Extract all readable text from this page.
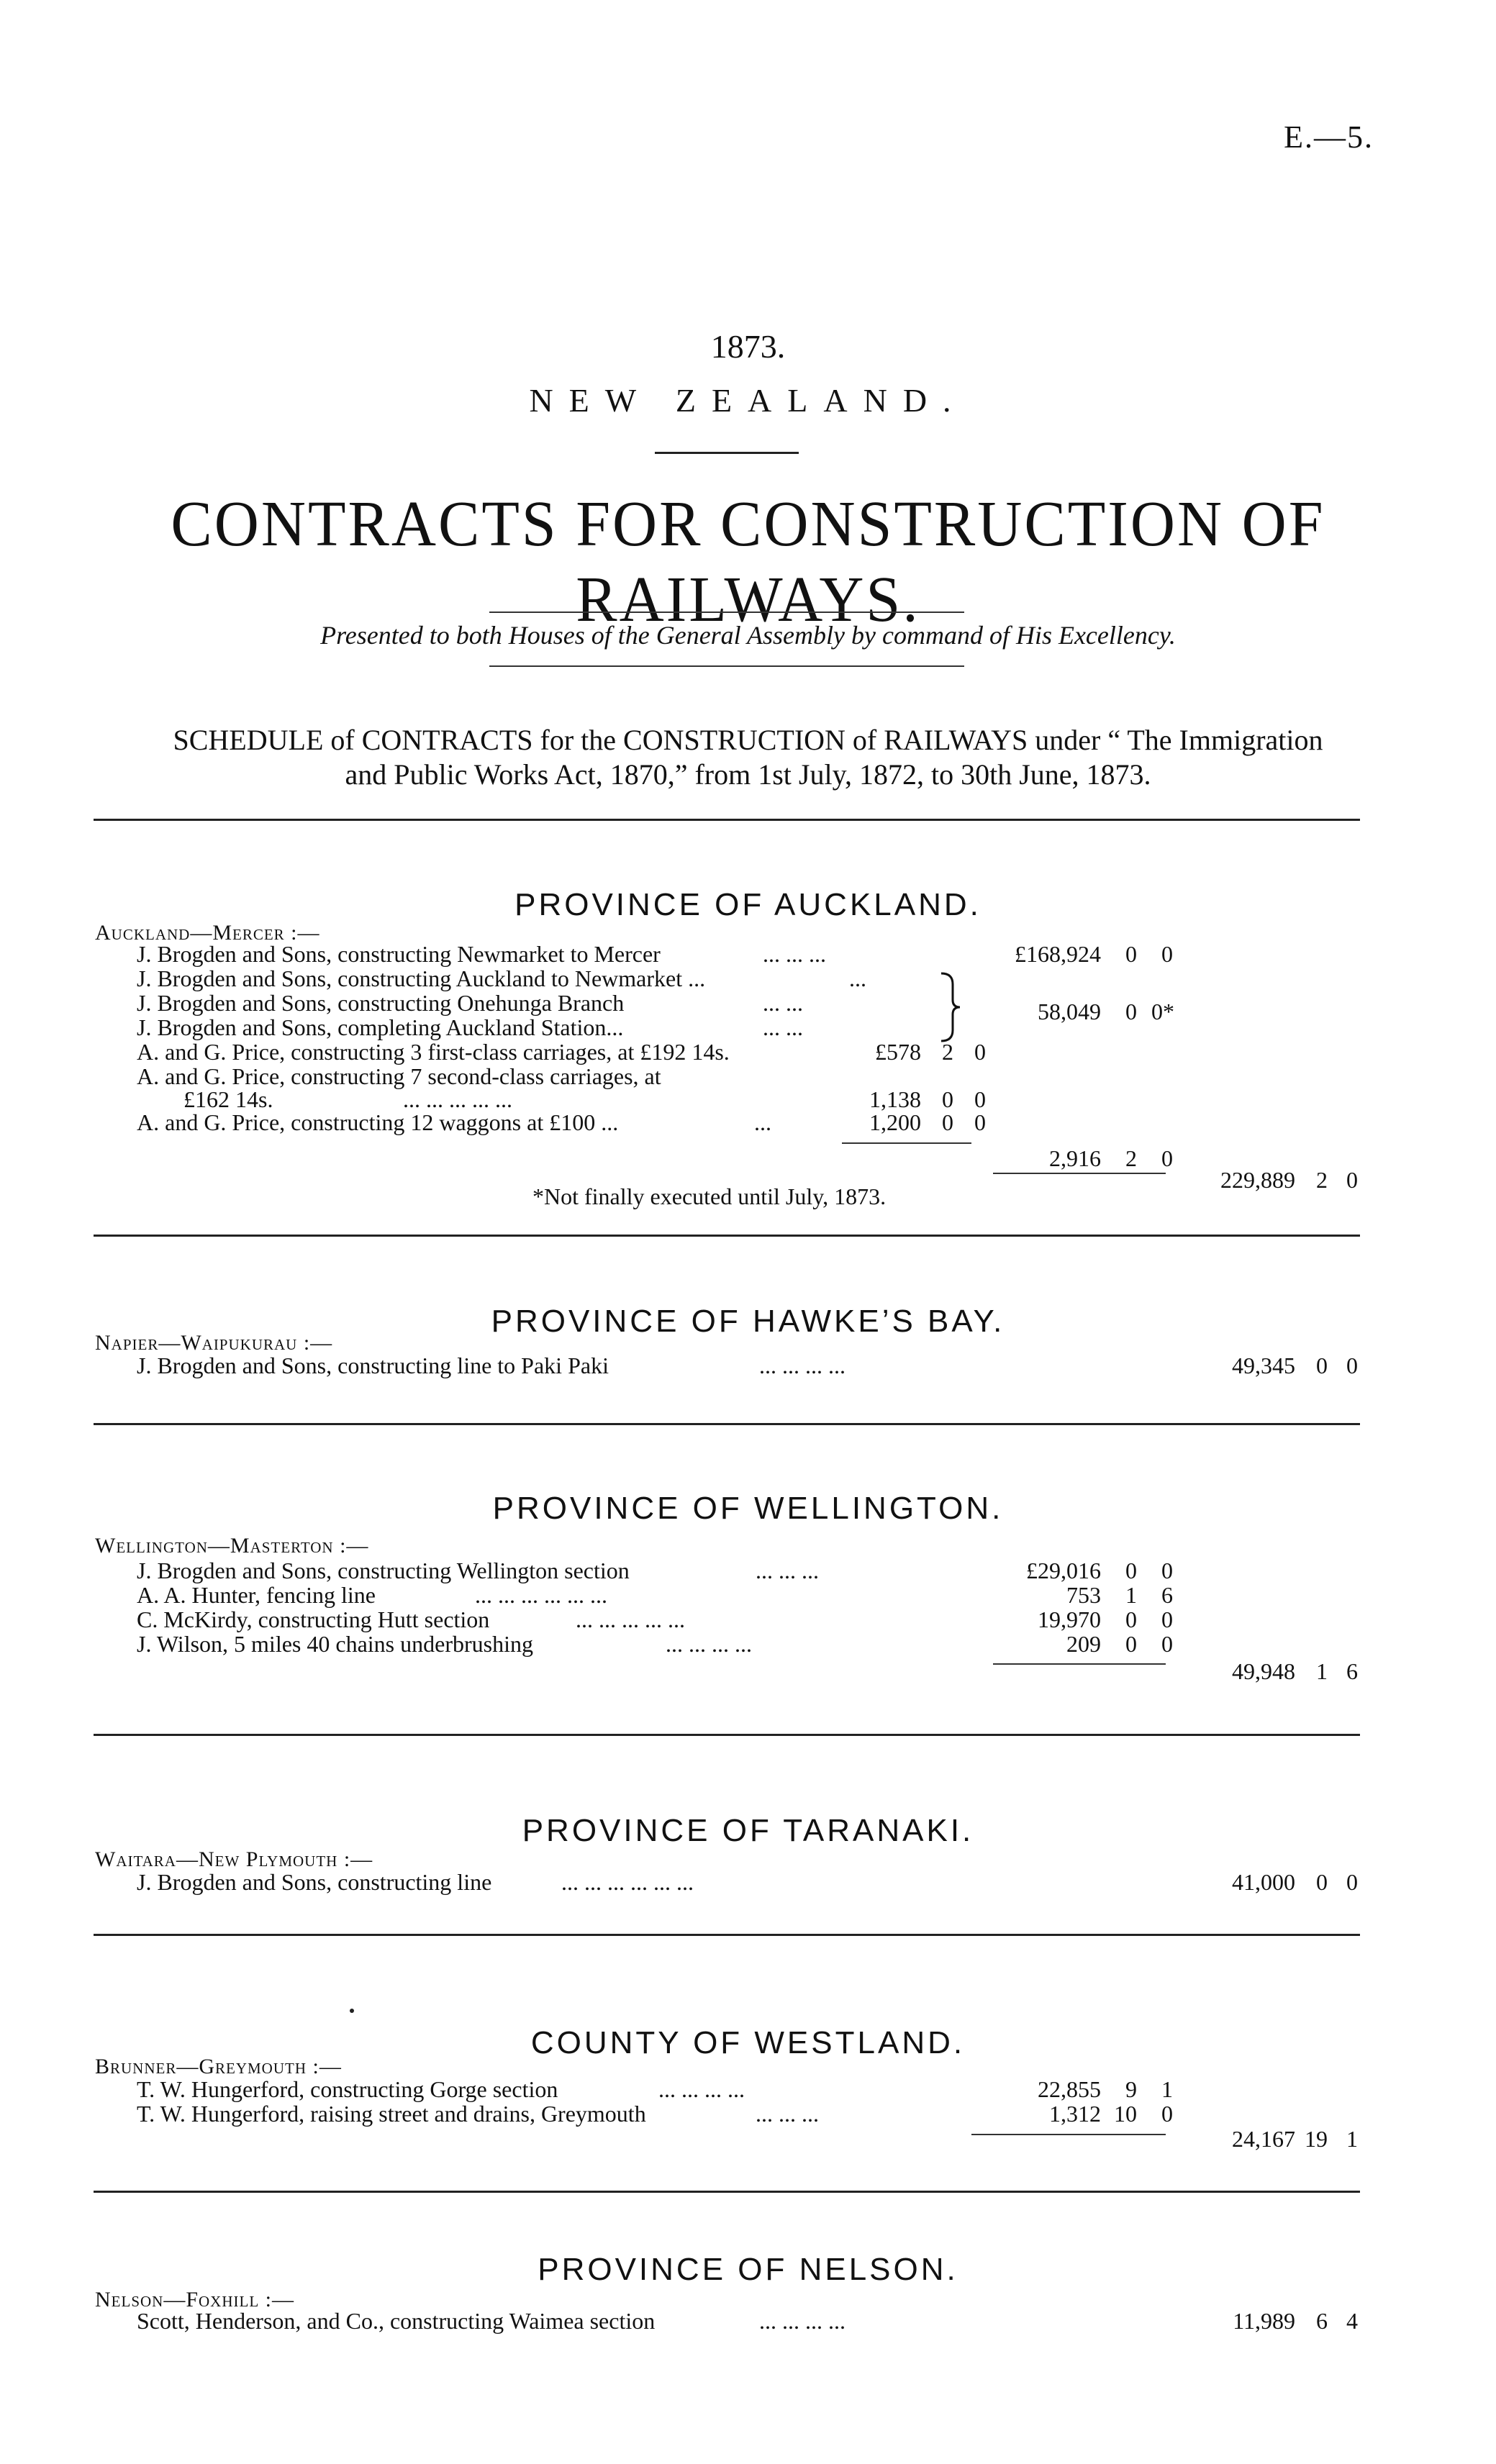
E.—5.
1873.
NEW ZEALAND.
CONTRACTS FOR CONSTRUCTION OF RAILWAYS.
Presented to both Houses of the General Assembly by command of His Excellency.
SCHEDULE of CONTRACTS for the CONSTRUCTION of RAILWAYS under “ The Immigration
and Public Works Act, 1870,” from 1st July, 1872, to 30th June, 1873.
PROVINCE OF AUCKLAND.
Auckland—Mercer :—
J. Brogden and Sons, constructing Newmarket to Mercer	... ... ...	£168,924	0	0
J. Brogden and Sons, constructing Auckland to Newmarket ...	...
J. Brogden and Sons, constructing Onehunga Branch	... ...	58,049	0 0*
J. Brogden and Sons, completing Auckland Station...	... ...
A. and G. Price, constructing 3 first-class carriages, at £192 14s.	£578 2 0
A. and G. Price, constructing 7 second-class carriages, at
£162 14s.	... ... ... ... ...	1,138 0 0
A. and G. Price, constructing 12 waggons at £100 ...	...	1,200 0 0
2,916	2	0
229,889 2 0
*Not finally executed until July, 1873.
PROVINCE OF HAWKE’S BAY.
Napier—Waipukurau :—
J. Brogden and Sons, constructing line to Paki Paki	... ... ... ...	49,345 0 0
PROVINCE OF WELLINGTON.
Wellington—Masterton :—
J. Brogden and Sons, constructing Wellington section	... ... ...	£29,016	0	0
A. A. Hunter, fencing line	... ... ... ... ... ...	753	1	6
C. McKirdy, constructing Hutt section	... ... ... ... ...	19,970	0	0
J. Wilson, 5 miles 40 chains underbrushing	... ... ... ...	209	0	0
49,948 1 6
PROVINCE OF TARANAKI.
Waitara—New Plymouth :—
J. Brogden and Sons, constructing line	... ... ... ... ... ...	41,000 0 0
COUNTY OF WESTLAND.
Brunner—Greymouth :—
T. W. Hungerford, constructing Gorge section	... ... ... ...	22,855	9	1
T. W. Hungerford, raising street and drains, Greymouth	... ... ...	1,312 10	0
24,167 19 1
PROVINCE OF NELSON.
Nelson—Foxhill :—
Scott, Henderson, and Co., constructing Waimea section	... ... ... ...	11,989 6 4
